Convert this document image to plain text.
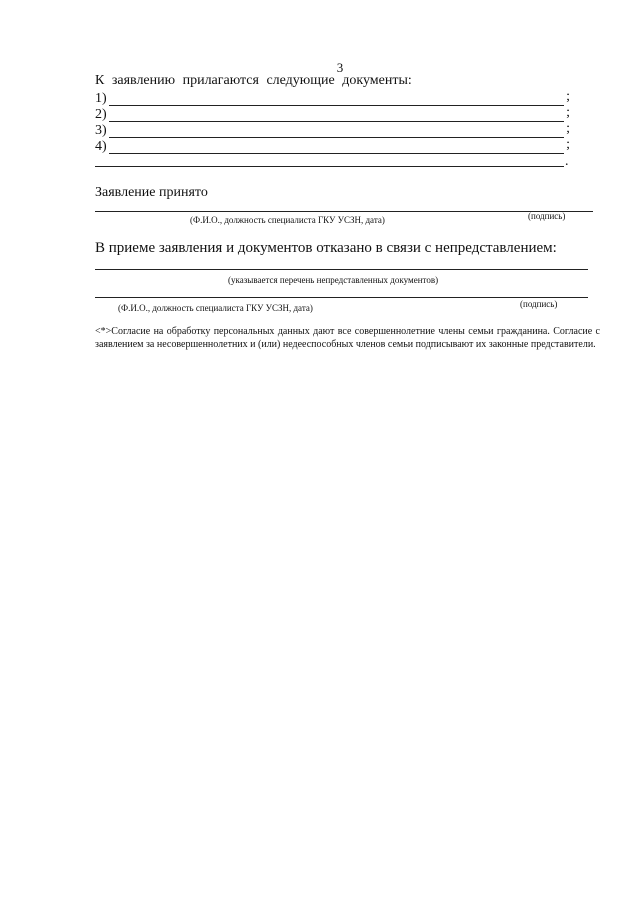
3
К заявлению прилагаются следующие документы:
1)	;
2)	;
3)	;
4)	;
.
Заявление принято
(Ф.И.О., должность специалиста ГКУ УСЗН, дата)	(подпись)
В приеме заявления и документов отказано в связи с непредставлением:
(указывается перечень непредставленных документов)
(Ф.И.О., должность специалиста ГКУ УСЗН, дата)	(подпись)
<*>Согласие на обработку персональных данных дают все совершеннолетние члены семьи гражданина. Согласие с заявлением за несовершеннолетних и (или) недееспособных членов семьи подписывают их законные представители.
